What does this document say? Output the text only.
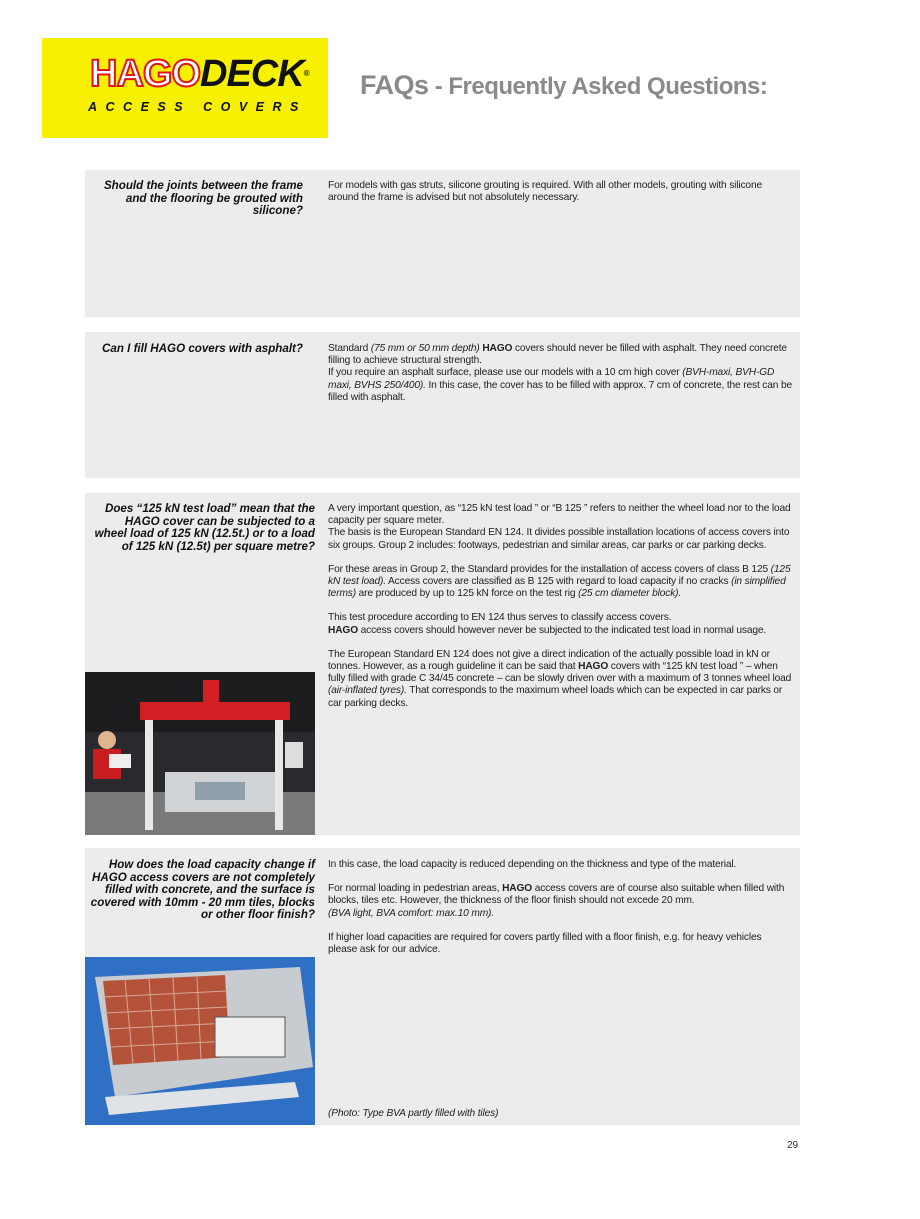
HAGODECK®
ACCESS COVERS
FAQs - Frequently Asked Questions:
Should the joints between the frame and the flooring be grouted with silicone?

For models with gas struts, silicone grouting is required. With all other models, grouting with silicone around the frame is advised but not absolutely necessary.

Can I fill HAGO covers with asphalt? Standard (75 mm or 50 mm depth) HAGO covers should never be filled with asphalt. They need concrete filling to achieve structural strength.
If you require an asphalt surface, please use our models with a 10 cm high cover (BVH-maxi, BVH-GD maxi, BVHS 250/400). In this case, the cover has to be filled with approx. 7 cm of concrete, the rest can be filled with asphalt.

Does “125 kN test load” mean that the HAGO cover can be subjected to a wheel load of 125 kN (12.5t.) or to a load of 125 kN (12.5t) per square metre?

A very important question, as “125 kN test load ” or “B 125 ” refers to neither the wheel load nor to the load capacity per square meter.
The basis is the European Standard EN 124. It divides possible installation locations of access covers into six groups. Group 2 includes: footways, pedestrian and similar areas, car parks or car parking decks.

For these areas in Group 2, the Standard provides for the installation of access covers of class B 125 (125 kN test load). Access covers are classified as B 125 with regard to load capacity if no cracks (in simplified terms) are produced by up to 125 kN force on the test rig (25 cm diameter block).

This test procedure according to EN 124 thus serves to classify access covers.
HAGO access covers should however never be subjected to the indicated test load in normal usage.

The European Standard EN 124 does not give a direct indication of the actually possible load in kN or tonnes. However, as a rough guideline it can be said that HAGO covers with “125 kN test load ” – when fully filled with grade C 34/45 concrete – can be slowly driven over with a maximum of 3 tonnes wheel load (air-inflated tyres). That corresponds to the maximum wheel loads which can be expected in car parks or car parking decks.

How does the load capacity change if HAGO access covers are not completely filled with concrete, and the surface is covered with 10mm - 20 mm tiles, blocks or other floor finish?

In this case, the load capacity is reduced depending on the thickness and type of the material.

For normal loading in pedestrian areas, HAGO access covers are of course also suitable when filled with blocks, tiles etc. However, the thickness of the floor finish should not excede 20 mm.
(BVA light, BVA comfort: max.10 mm).

If higher load capacities are required for covers partly filled with a floor finish, e.g. for heavy vehicles please ask for our advice.

(Photo: Type BVA partly filled with tiles)
29
